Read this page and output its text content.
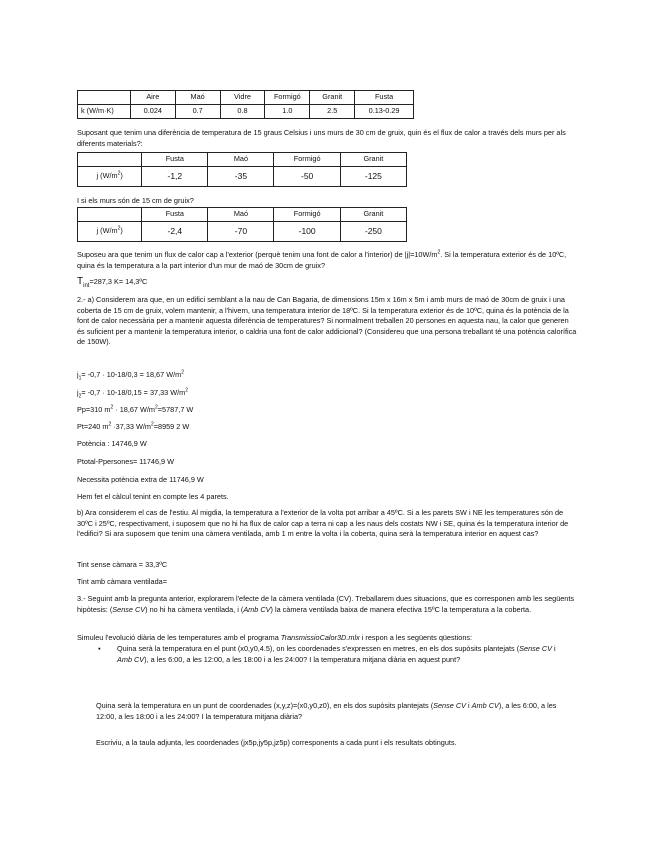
	Aire	Maó	Vidre	Formigó	Granit	Fusta
k (W/m·K)	0.024	0.7	0.8	1.0	2.5	0.13-0.29

Suposant que tenim una diferència de temperatura de 15 graus Celsius i uns murs de 30 cm de gruix, quin és el flux de calor a través dels murs per als diferents materials?:

	Fusta	Maó	Formigó	Granit
j $(W/m^2)$	-1,2	-35	-50	-125

I si els murs són de 15 cm de gruix?

	Fusta	Maó	Formigó	Granit
j $(W/m^2)$	-2,4	-70	-100	-250

Suposeu ara que tenim un flux de calor cap a l'exterior (perquè tenim una font de calor a l'interior) de $|j|=10W/m^2$. Si la temperatura exterior és de 10ºC, quina és la temperatura a la part interior d'un mur de maó de 30cm de gruix?

$T_{int}=287,3$ K= 14,3ºC

2.- a) Considerem ara que, en un edifici semblant a la nau de Can Bagaria, de dimensions 15m x 16m x 5m i amb murs de maó de 30cm de gruix i una coberta de 15 cm de gruix, volem mantenir, a l'hivern, una temperatura interior de 18ºC. Si la temperatura exterior és de 10ºC, quina és la potència de la font de calor necessària per a mantenir aquesta diferència de temperatures? Si normalment treballen 20 persones en aquesta nau, la calor que generen és suficient per a mantenir la temperatura interior, o caldria una font de calor addicional? (Considereu que una persona treballant té una potència calorífica de 150W).

$j_1= -0,7 \cdot 10-18/0,3 = 18,67$ $W/m^2$

$j_2= -0,7 \cdot 10-18/0,15 = 37,33$ $W/m^2$

Pp=310 $m^2 \cdot 18,67$ $W/m^2=5787,7$ W

Pt=240 $m^2 \cdot 37,33$ $W/m^2=8959$ 2 W

Potència : 14746,9 W

Ptotal-Ppersones= 11746,9 W

Necessita potència extra de 11746,9 W

Hem fet el càlcul tenint en compte les 4 parets.

b) Ara considerem el cas de l'estiu. Al migdia, la temperatura a l'exterior de la volta pot arribar a 45ºC. Si a les parets SW i NE les temperatures són de 30ºC i 25ºC, respectivament, i suposem que no hi ha flux de calor cap a terra ni cap a les naus dels costats NW i SE, quina és la temperatura interior de l'edifici? Si ara suposem que tenim una càmera ventilada, amb 1 m entre la volta i la coberta, quina serà la temperatura interior en aquest cas?

Tint sense càmara = 33,3ºC

Tint amb càmara ventilada=

3.- Seguint amb la pregunta anterior, explorarem l'efecte de la càmera ventilada (CV). Treballarem dues situacions, que es corresponen amb les següents hipòtesis: (Sense CV) no hi ha càmera ventilada, i (Amb CV) la càmera ventilada baixa de manera efectiva 15ºC la temperatura a la coberta.

Simuleu l'evolució diària de les temperatures amb el programa TransmissioCalor3D.mlx i respon a les següents qüestions:

▪ Quina serà la temperatura en el punt (x0,y0,4.5), on les coordenades s'expressen en metres, en els dos supòsits plantejats (Sense CV i Amb CV), a les 6:00, a les 12:00, a les 18:00 i a les 24:00? I la temperatura mitjana diària en aquest punt?

Quina serà la temperatura en un punt de coordenades (x,y,z)=(x0,y0,z0), en els dos supòsits plantejats (Sense CV i Amb CV), a les 6:00, a les 12:00, a les 18:00 i a les 24:00? I la temperatura mitjana diària?

Escriviu, a la taula adjunta, les coordenades (jx5p,jy5p,jz5p) corresponents a cada punt i els resultats obtinguts.
